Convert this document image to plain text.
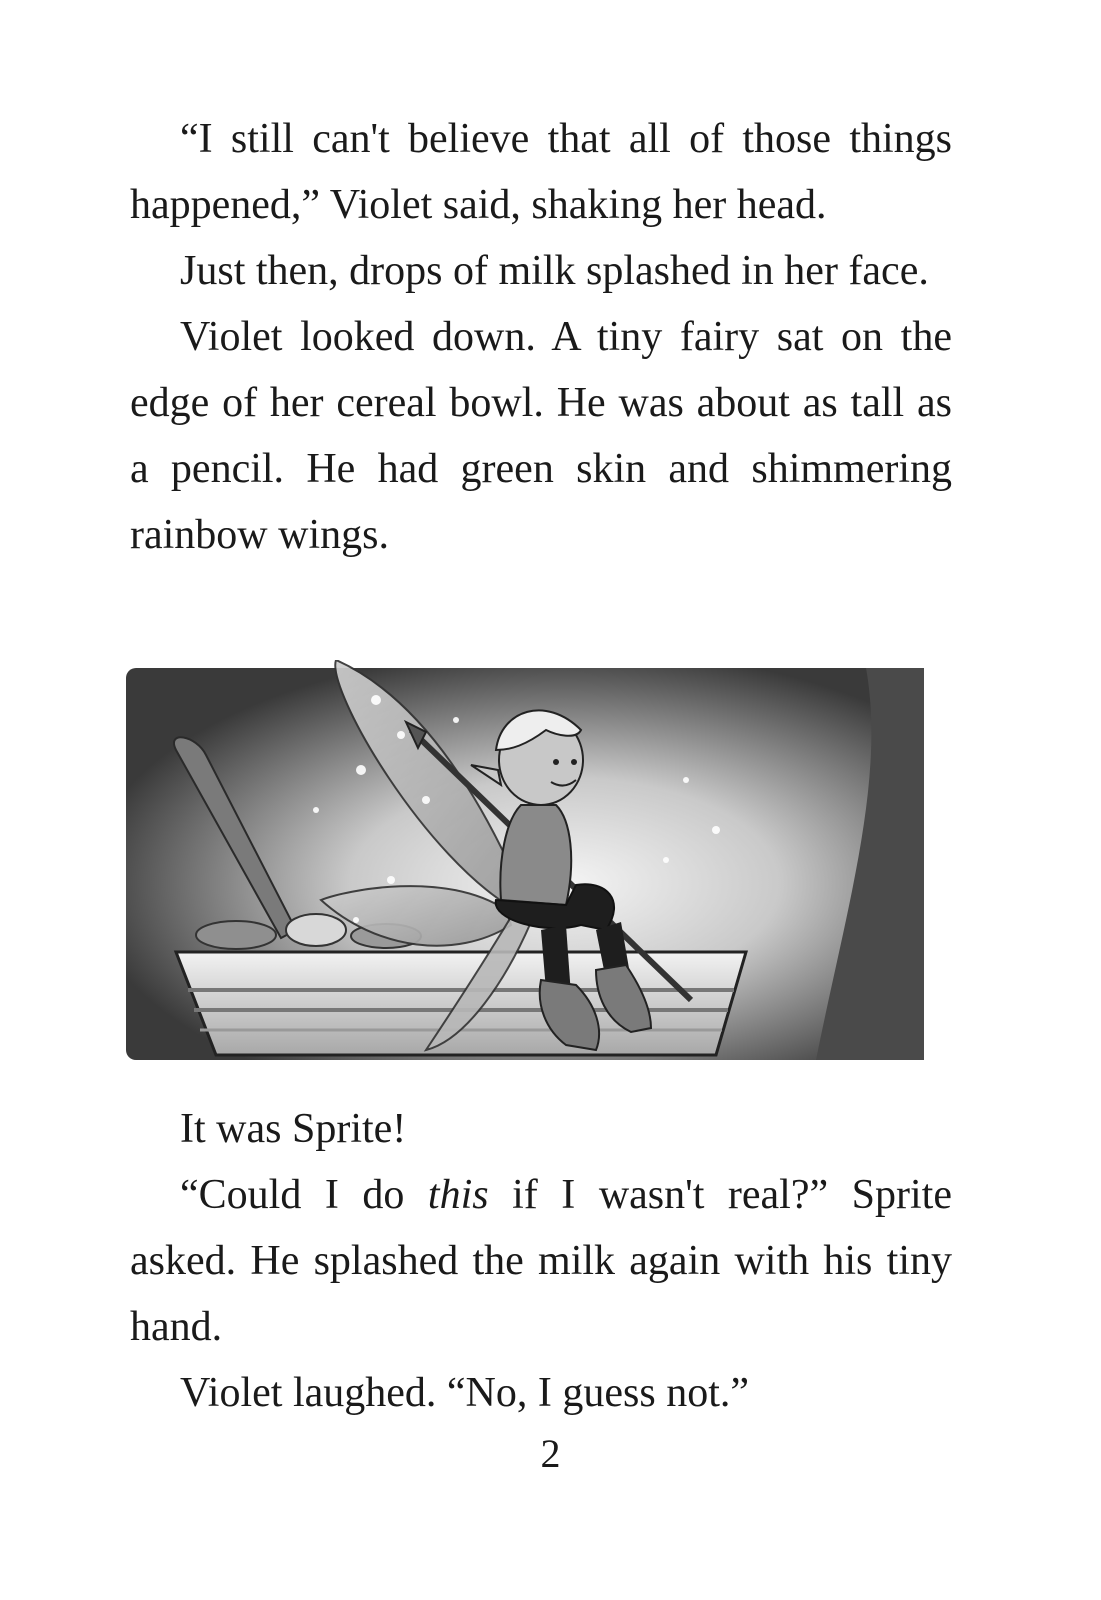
“I still can't believe that all of those things happened,” Violet said, shaking her head.

Just then, drops of milk splashed in her face.

Violet looked down. A tiny fairy sat on the edge of her cereal bowl. He was about as tall as a pencil. He had green skin and shimmering rainbow wings.

It was Sprite!

“Could I do this if I wasn't real?” Sprite asked. He splashed the milk again with his tiny hand.

Violet laughed. “No, I guess not.”

2
